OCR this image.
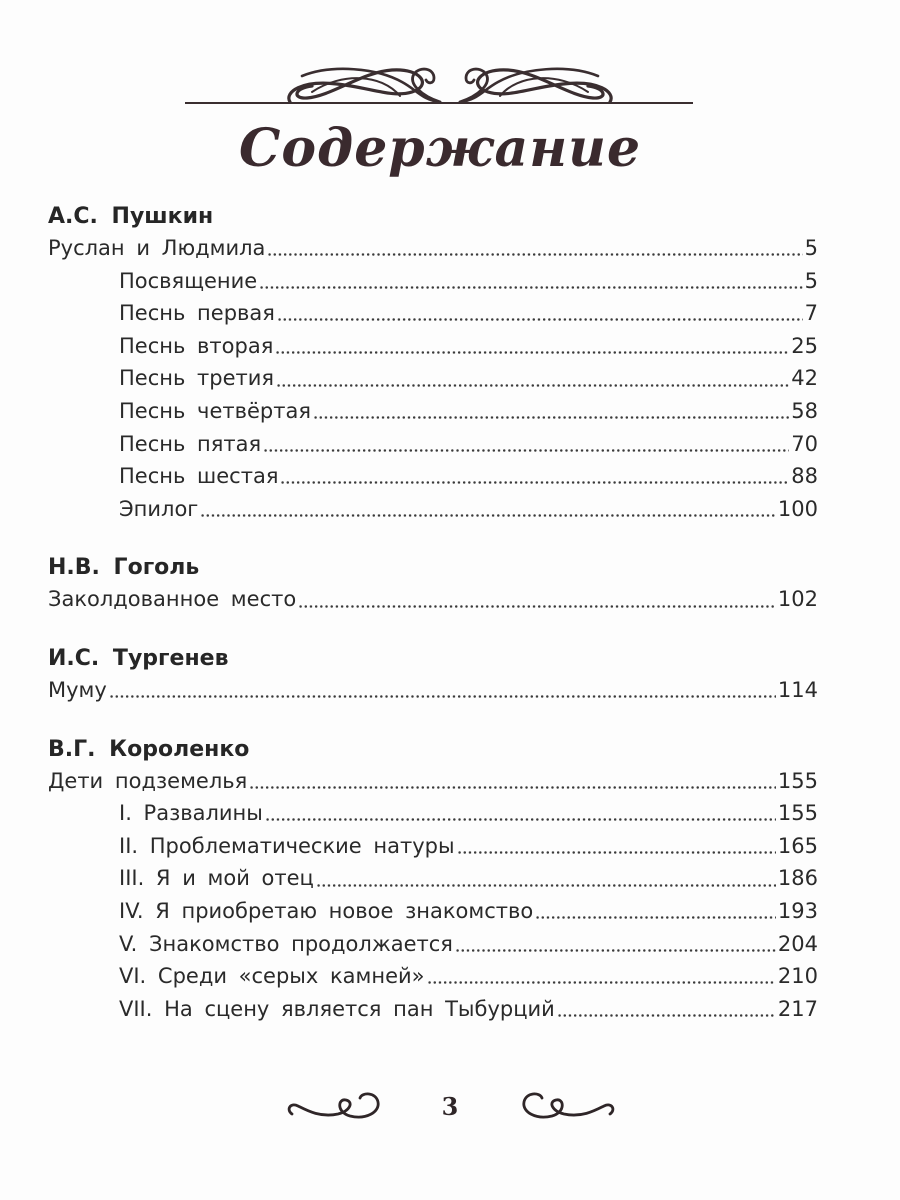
Содержание
А.С. Пушкин
Руслан и Людмила	5
Посвящение	5
Песнь первая	7
Песнь вторая	25
Песнь третия	42
Песнь четвёртая	58
Песнь пятая	70
Песнь шестая	88
Эпилог	100
Н.В. Гоголь
Заколдованное место	102
И.С. Тургенев
Муму	114
В.Г. Короленко
Дети подземелья	155
I. Развалины	155
II. Проблематические натуры	165
III. Я и мой отец	186
IV. Я приобретаю новое знакомство	193
V. Знакомство продолжается	204
VI. Среди «серых камней»	210
VII. На сцену является пан Тыбурций	217
3
